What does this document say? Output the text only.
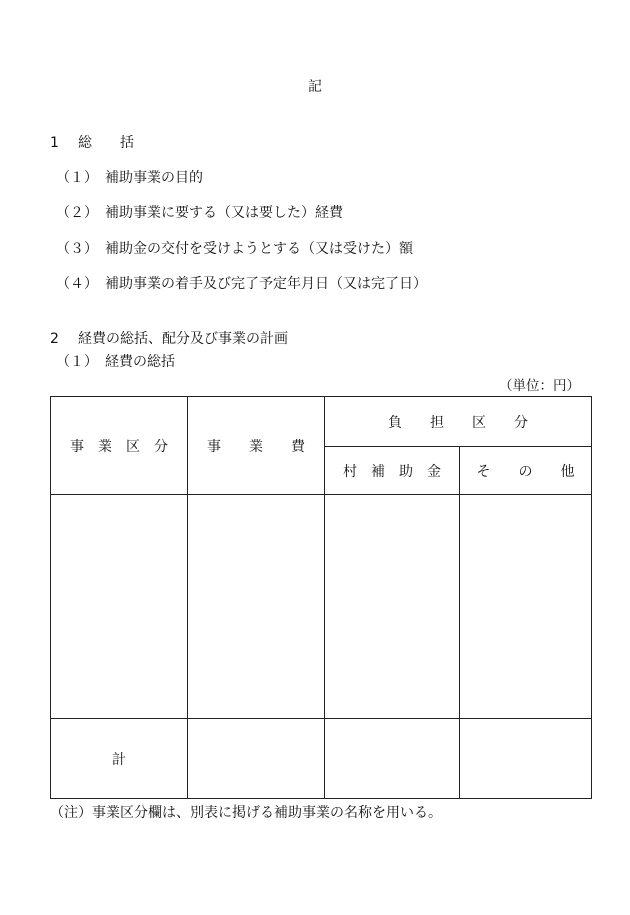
記
1 総　　括
（１）　補助事業の目的
（２）　補助事業に要する（又は要した）経費
（３）　補助金の交付を受けようとする（又は受けた）額
（４）　補助事業の着手及び完了予定年月日（又は完了日）
2 経費の総括、配分及び事業の計画
（１）　経費の総括
（単位：円）
事　業　区　分	事　　業　　費
負　　担　　区　　分
村　補　助　金	そ　　の　　他
計
（注）事業区分欄は、別表に掲げる補助事業の名称を用いる。
